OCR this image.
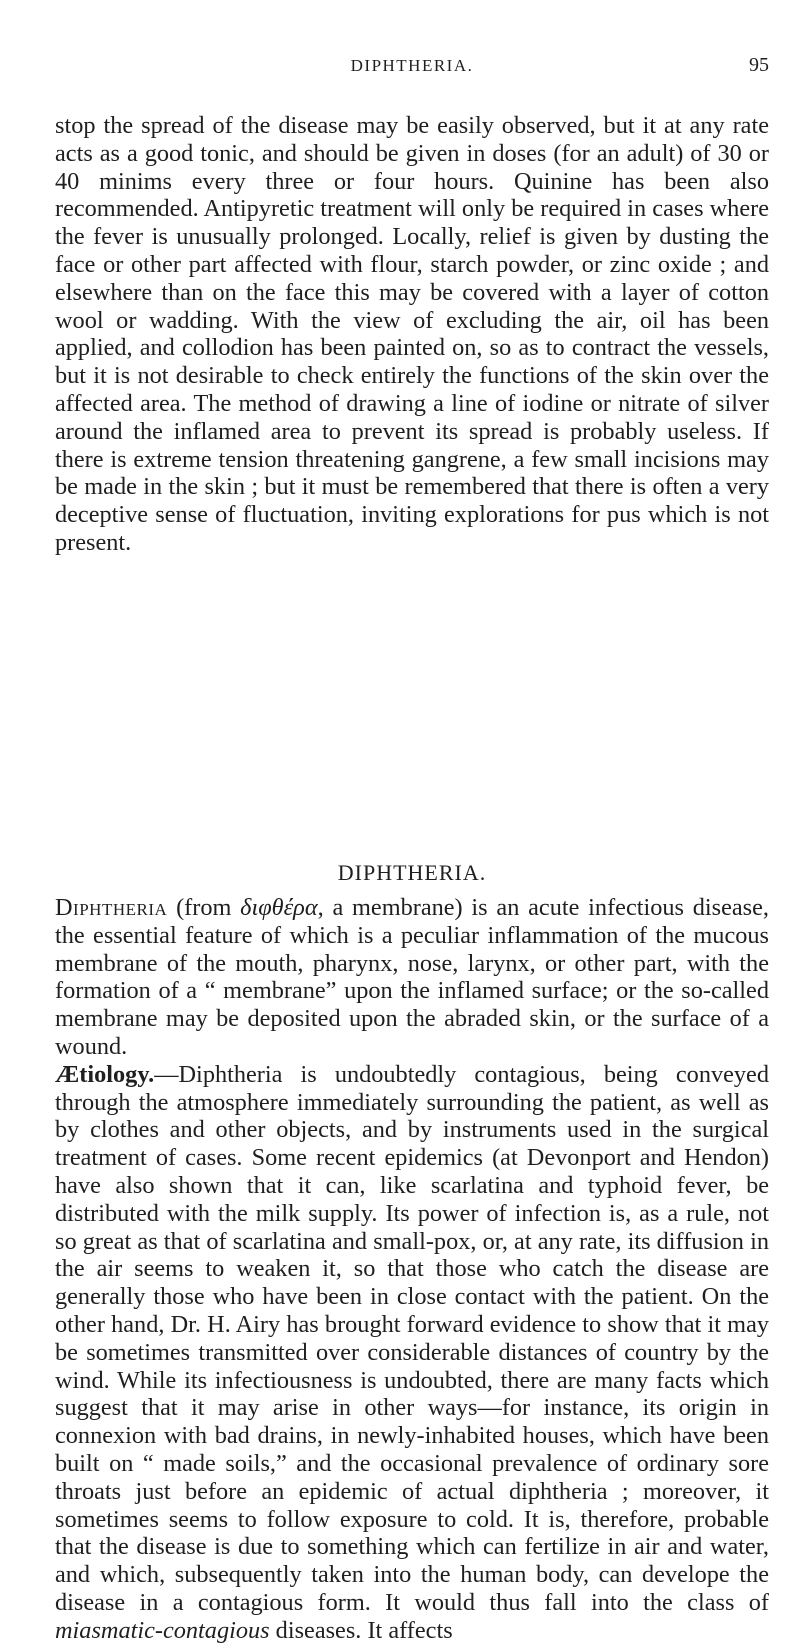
DIPHTHERIA.	95

stop the spread of the disease may be easily observed, but it at any rate acts as a good tonic, and should be given in doses (for an adult) of 30 or 40 minims every three or four hours. Quinine has been also recommended. Antipyretic treatment will only be required in cases where the fever is unusually prolonged. Locally, relief is given by dusting the face or other part affected with flour, starch powder, or zinc oxide ; and elsewhere than on the face this may be covered with a layer of cotton wool or wadding. With the view of excluding the air, oil has been applied, and collodion has been painted on, so as to contract the vessels, but it is not desirable to check entirely the functions of the skin over the affected area. The method of drawing a line of iodine or nitrate of silver around the inflamed area to prevent its spread is probably useless. If there is extreme tension threatening gangrene, a few small incisions may be made in the skin ; but it must be remembered that there is often a very deceptive sense of fluctuation, inviting explorations for pus which is not present.

DIPHTHERIA.

Diphtheria (from διφθέρα, a membrane) is an acute infectious disease, the essential feature of which is a peculiar inflammation of the mucous membrane of the mouth, pharynx, nose, larynx, or other part, with the formation of a “ membrane” upon the inflamed surface; or the so-called membrane may be deposited upon the abraded skin, or the surface of a wound.

Ætiology.—Diphtheria is undoubtedly contagious, being conveyed through the atmosphere immediately surrounding the patient, as well as by clothes and other objects, and by instruments used in the surgical treatment of cases. Some recent epidemics (at Devonport and Hendon) have also shown that it can, like scarlatina and typhoid fever, be distributed with the milk supply. Its power of infection is, as a rule, not so great as that of scarlatina and small-pox, or, at any rate, its diffusion in the air seems to weaken it, so that those who catch the disease are generally those who have been in close contact with the patient. On the other hand, Dr. H. Airy has brought forward evidence to show that it may be sometimes transmitted over considerable distances of country by the wind. While its infectiousness is undoubted, there are many facts which suggest that it may arise in other ways—for instance, its origin in connexion with bad drains, in newly-inhabited houses, which have been built on “ made soils,” and the occasional prevalence of ordinary sore throats just before an epidemic of actual diphtheria ; moreover, it sometimes seems to follow exposure to cold. It is, therefore, probable that the disease is due to something which can fertilize in air and water, and which, subsequently taken into the human body, can develope the disease in a contagious form. It would thus fall into the class of miasmatic-contagious diseases. It affects
